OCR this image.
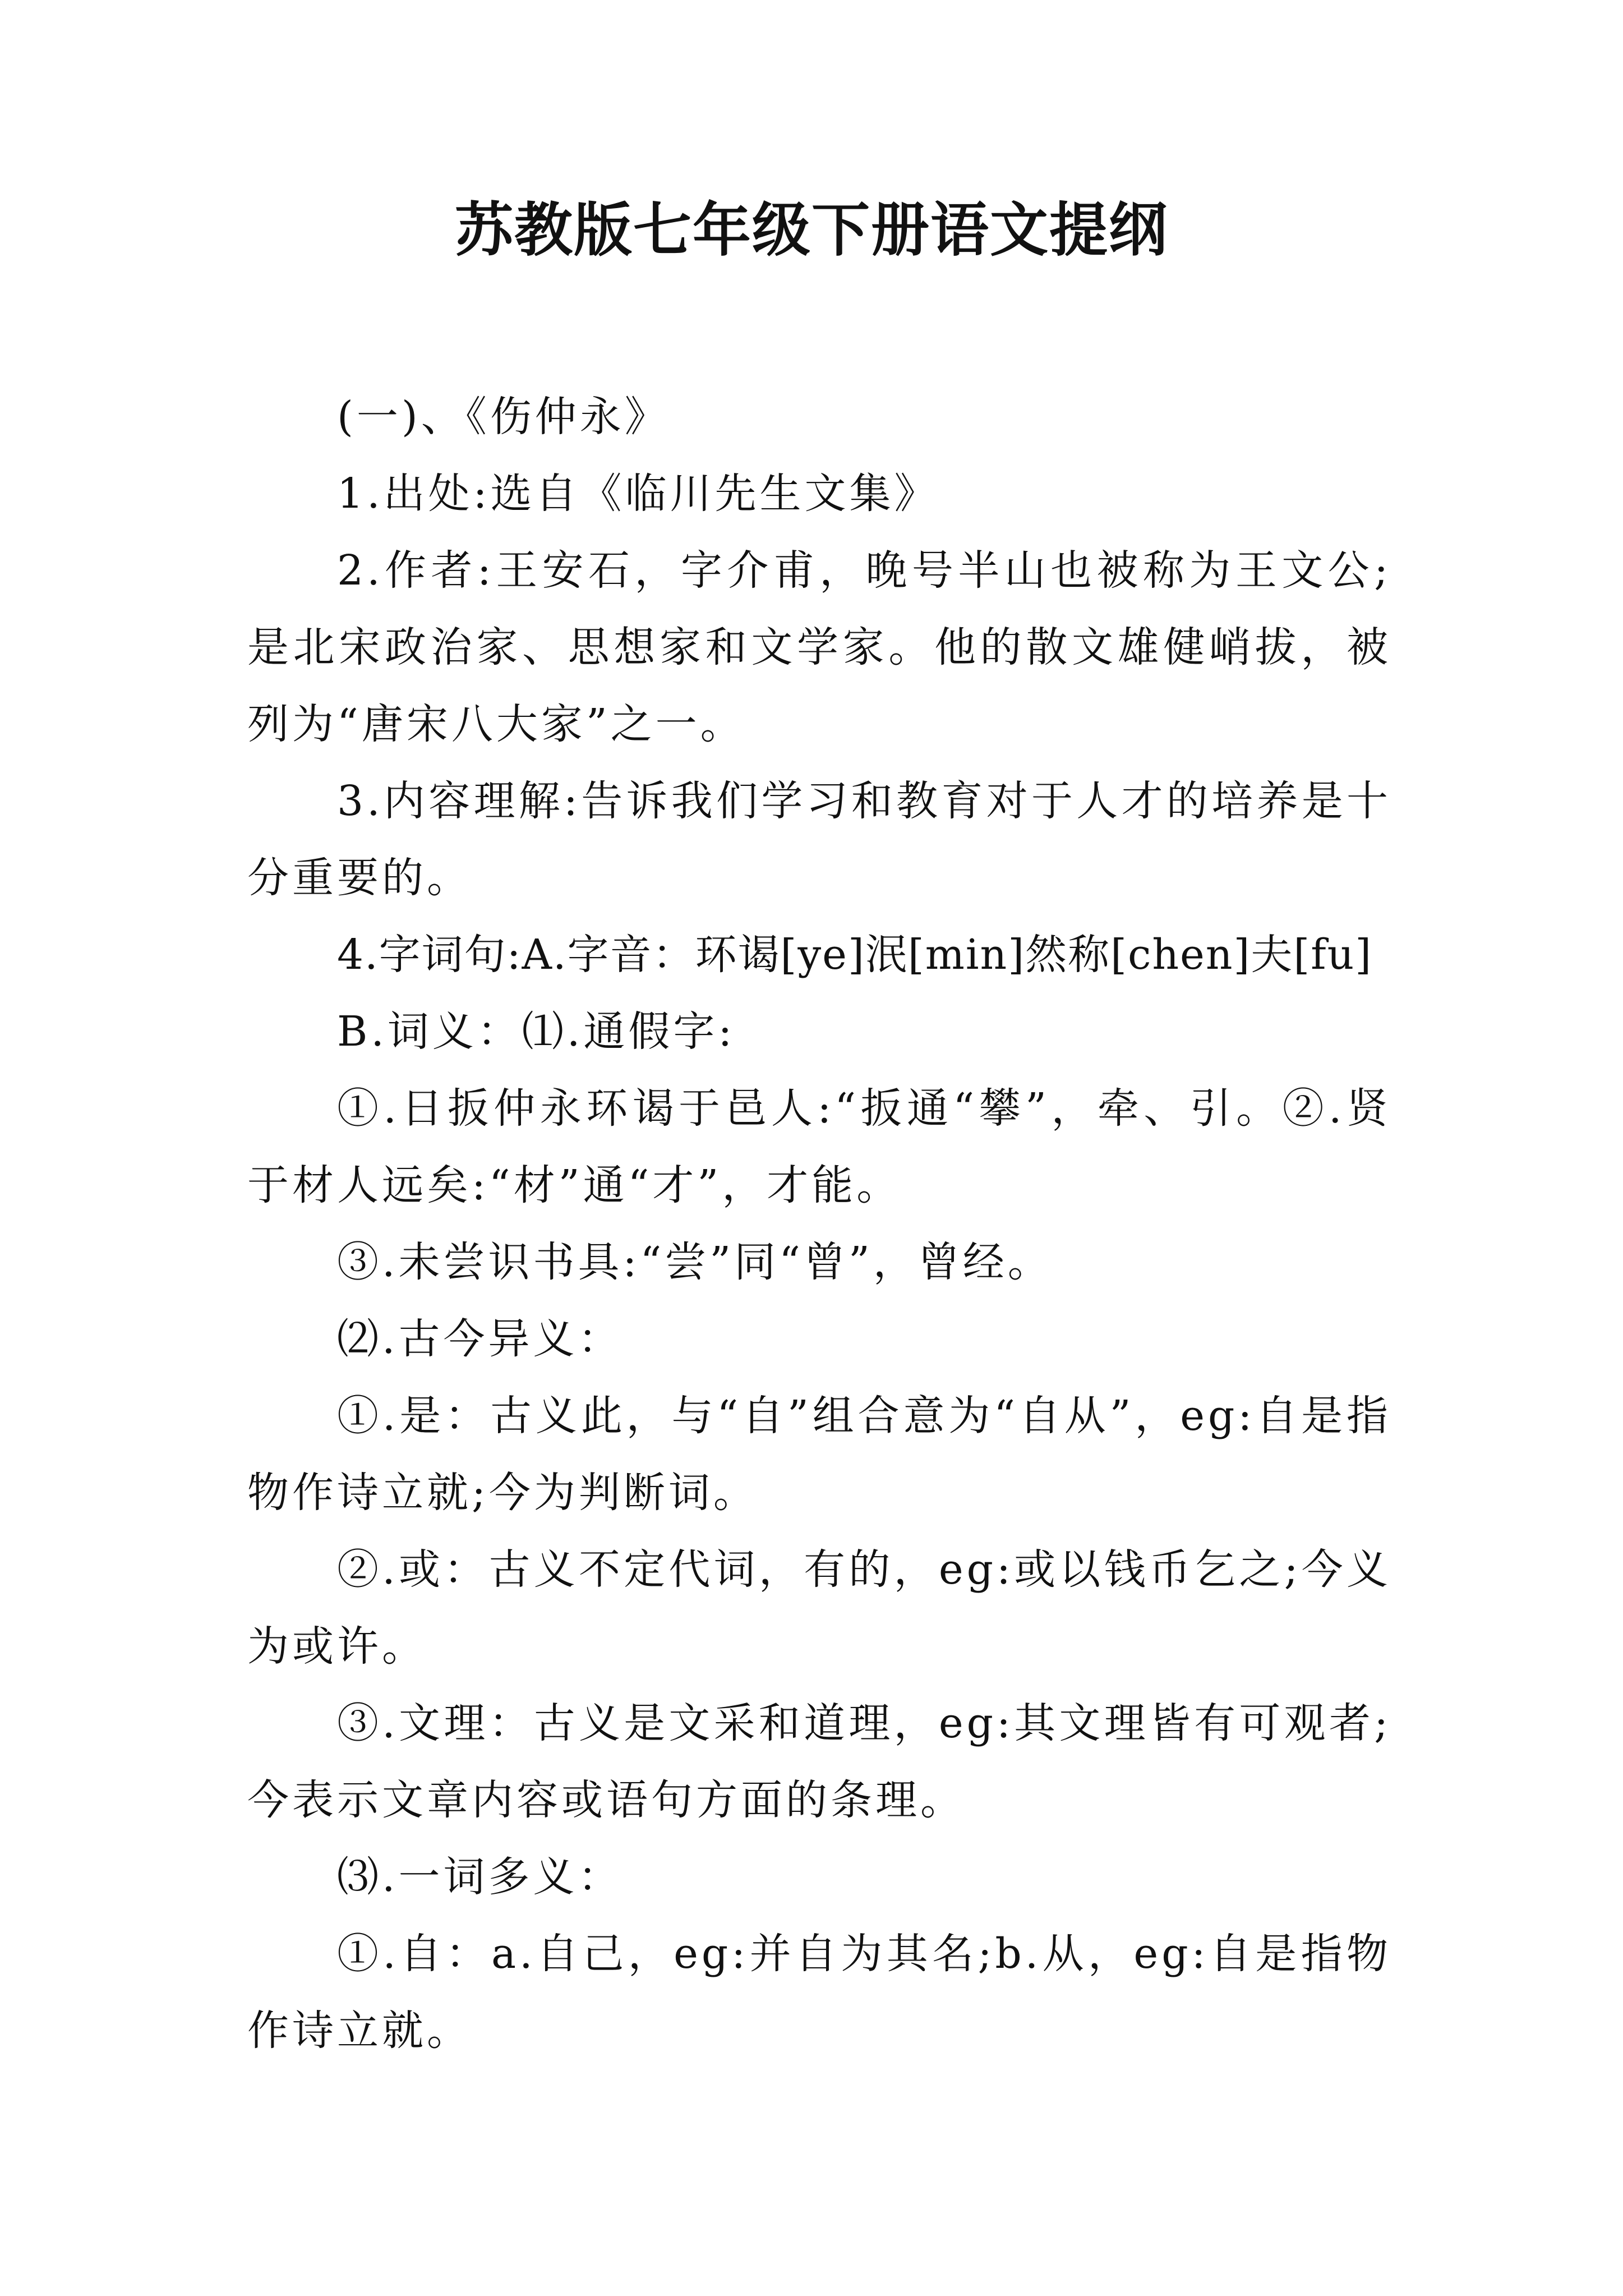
苏教版七年级下册语文提纲

(一)、《伤仲永》

1.出处:选自《临川先生文集》

2.作者:王安石，字介甫，晚号半山也被称为王文公;是北宋政治家、思想家和文学家。他的散文雄健峭拔，被列为“唐宋八大家”之一。

3.内容理解:告诉我们学习和教育对于人才的培养是十分重要的。

4.字词句:A.字音：环谒[ye]泯[min]然称[chen]夫[fu]

B.词义：⑴.通假字:

①.日扳仲永环谒于邑人:“扳通“攀”，牵、引。②.贤于材人远矣:“材”通“才”，才能。

③.未尝识书具:“尝”同“曾”，曾经。

⑵.古今异义：

①.是：古义此，与“自”组合意为“自从”，eg:自是指物作诗立就;今为判断词。

②.或：古义不定代词，有的，eg:或以钱币乞之;今义为或许。

③.文理：古义是文采和道理，eg:其文理皆有可观者;今表示文章内容或语句方面的条理。

⑶.一词多义：

①.自：a.自己，eg:并自为其名;b.从，eg:自是指物作诗立就。
